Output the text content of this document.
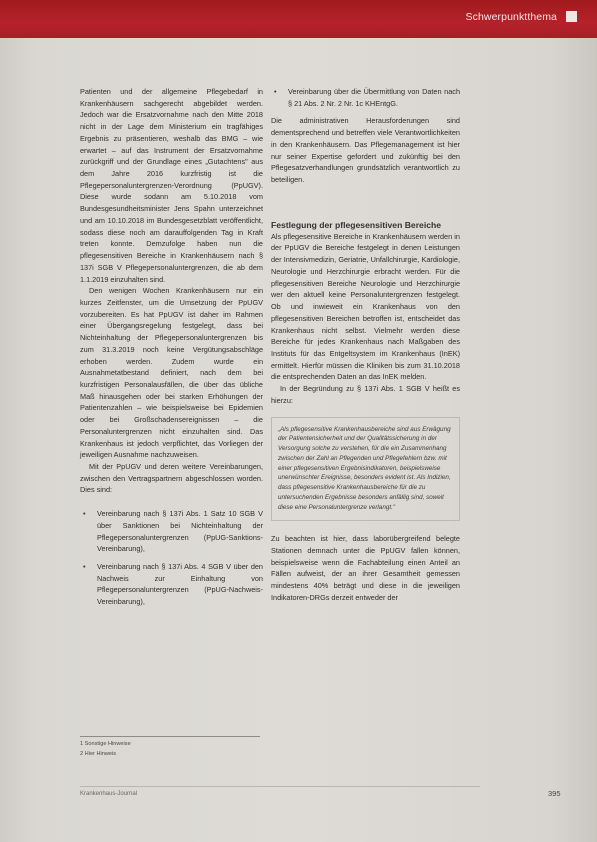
Schwerpunktthema

Patienten und der allgemeine Pflegebedarf in Krankenhäusern sachgerecht abgebildet werden. Jedoch war die Ersatzvornahme nach den Mitte 2018 nicht in der Lage dem Ministerium ein tragfähiges Ergebnis zu präsentieren, weshalb das BMG – wie erwartet – auf das Instrument der Ersatzvornahme zurückgriff und der Grundlage eines „Gutachtens" aus dem Jahre 2016 kurzfristig ist die Pflegepersonaluntergrenzen-Verordnung (PpUGV). Diese wurde sodann am 5.10.2018 vom Bundesgesundheitsminister Jens Spahn unterzeichnet und am 10.10.2018 im Bundesgesetzblatt veröffentlicht, sodass diese noch am darauffolgenden Tag in Kraft treten konnte. Demzufolge haben nun die pflegesensitiven Bereiche in Krankenhäusern nach § 137i SGB V Pflegepersonaluntergrenzen, die ab dem 1.1.2019 einzuhalten sind.

Den wenigen Wochen Krankenhäusern nur ein kurzes Zeitfenster, um die Umsetzung der PpUGV vorzubereiten. Es hat PpUGV ist daher im Rahmen einer Übergangsregelung festgelegt, dass bei Nichteinhaltung der Pflegepersonaluntergrenzen bis zum 31.3.2019 noch keine Vergütungsabschläge erhoben werden. Zudem wurde ein Ausnahmetatbestand definiert, nach dem bei kurzfristigen Personalausfällen, die über das übliche Maß hinausgehen oder bei starken Erhöhungen der Patientenzahlen – wie beispielsweise bei Epidemien oder bei Großschadensereignissen – die Personaluntergrenzen nicht einzuhalten sind. Das Krankenhaus ist jedoch verpflichtet, das Vorliegen der jeweiligen Ausnahme nachzuweisen.

Mit der PpUGV und deren weitere Vereinbarungen, zwischen den Vertragspartnern abgeschlossen worden. Dies sind:

• Vereinbarung nach § 137i Abs. 1 Satz 10 SGB V über Sanktionen bei Nichteinhaltung der Pflegepersonaluntergrenzen (PpUG-Sanktions-Vereinbarung),
• Vereinbarung nach § 137i Abs. 4 SGB V über den Nachweis zur Einhaltung von Pflegepersonaluntergrenzen (PpUG-Nachweis-Vereinbarung),
1 Sonstige Hinweise
2 Hier Hinweis
• Vereinbarung über die Übermittlung von Daten nach § 21 Abs. 2 Nr. 2 Nr. 1c KHEntgG.

Die administrativen Herausforderungen sind dementsprechend und betreffen viele Verantwortlichkeiten in den Krankenhäusern. Das Pflegemanagement ist hier nur seiner Expertise gefordert und zukünftig bei den Pflegesatzverhandlungen grundsätzlich verantwortlich zu beteiligen.

Festlegung der pflegesensitiven Bereiche

Als pflegesensitive Bereiche in Krankenhäusern werden in der PpUGV die Bereiche festgelegt in denen Leistungen der Intensivmedizin, Geriatrie, Unfallchirurgie, Kardiologie, Neurologie und Herzchirurgie erbracht werden. Für die pflegesensitiven Bereiche Neurologie und Herzchirurgie wer den aktuell keine Personaluntergrenzen festgelegt. Ob und inwieweit ein Krankenhaus von den pflegesensitiven Bereichen betroffen ist, entscheidet das Krankenhaus nicht selbst. Vielmehr werden diese Bereiche für jedes Krankenhaus nach Maßgaben des Instituts für das Entgeltsystem im Krankenhaus (InEK) ermittelt. Hierfür müssen die Kliniken bis zum 31.10.2018 die entsprechenden Daten an das InEK melden.

In der Begründung zu § 137i Abs. 1 SGB V heißt es hierzu:

„Als pflegesensitive Krankenhausbereiche sind aus Erwägung der Patientensicherheit und der Qualitätssicherung in der Versorgung solche zu verstehen, für die ein Zusammenhang zwischen der Zahl an Pflegenden und Pflegefehlern bzw. mit einer pflegesensitiven Ergebnisindikatoren, beispielsweise unerwünschter Ereignisse, besonders evident ist. Als Indizien, dass pflegesensitive Krankenhausbereiche für die zu untersuchenden Ergebnisse besonders anfällig sind, soweit diese eine Personaluntergrenze verlangt."

Zu beachten ist hier, dass laborübergreifend belegte Stationen demnach unter die PpUGV fallen können, beispielsweise wenn die Fachabteilung einen Anteil an Fällen aufweist, der an ihrer Gesamtheit gemessen mindestens 40% beträgt und diese in die jeweiligen Indikatoren-DRGs derzeit entweder der

Krankenhaus-Journal	395
